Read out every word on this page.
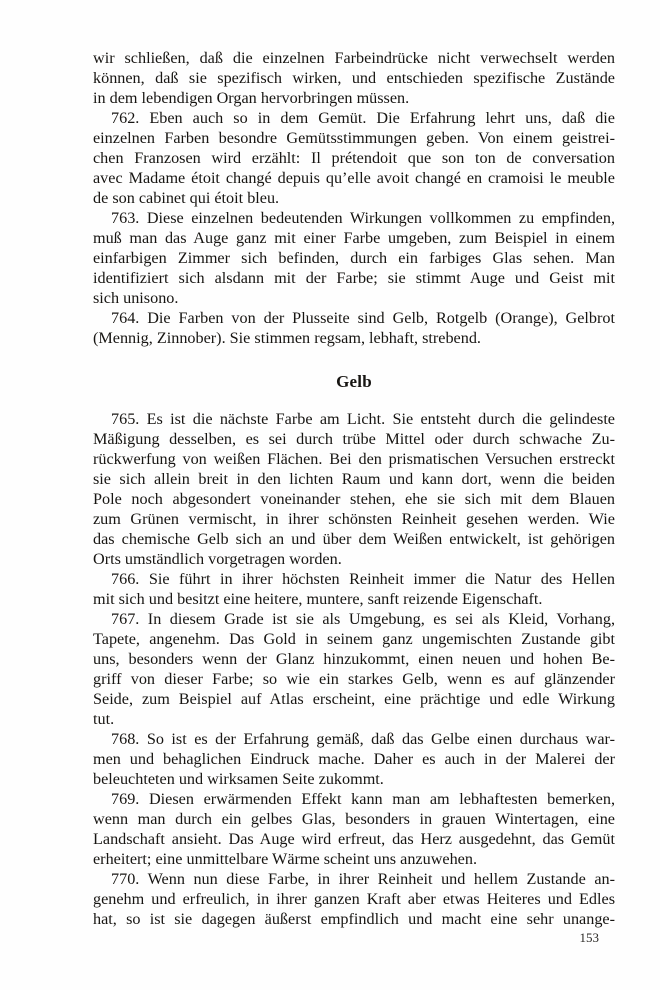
wir schließen, daß die einzelnen Farbeindrücke nicht verwechselt werden
können, daß sie spezifisch wirken, und entschieden spezifische Zustände
in dem lebendigen Organ hervorbringen müssen.
762. Eben auch so in dem Gemüt. Die Erfahrung lehrt uns, daß die
einzelnen Farben besondre Gemütsstimmungen geben. Von einem geistrei-
chen Franzosen wird erzählt: Il prétendoit que son ton de conversation
avec Madame étoit changé depuis qu’elle avoit changé en cramoisi le meuble
de son cabinet qui étoit bleu.
763. Diese einzelnen bedeutenden Wirkungen vollkommen zu empfinden,
muß man das Auge ganz mit einer Farbe umgeben, zum Beispiel in einem
einfarbigen Zimmer sich befinden, durch ein farbiges Glas sehen. Man
identifiziert sich alsdann mit der Farbe; sie stimmt Auge und Geist mit
sich unisono.
764. Die Farben von der Plusseite sind Gelb, Rotgelb (Orange), Gelbrot
(Mennig, Zinnober). Sie stimmen regsam, lebhaft, strebend.
Gelb
765. Es ist die nächste Farbe am Licht. Sie entsteht durch die gelindeste
Mäßigung desselben, es sei durch trübe Mittel oder durch schwache Zu-
rückwerfung von weißen Flächen. Bei den prismatischen Versuchen erstreckt
sie sich allein breit in den lichten Raum und kann dort, wenn die beiden
Pole noch abgesondert voneinander stehen, ehe sie sich mit dem Blauen
zum Grünen vermischt, in ihrer schönsten Reinheit gesehen werden. Wie
das chemische Gelb sich an und über dem Weißen entwickelt, ist gehörigen
Orts umständlich vorgetragen worden.
766. Sie führt in ihrer höchsten Reinheit immer die Natur des Hellen
mit sich und besitzt eine heitere, muntere, sanft reizende Eigenschaft.
767. In diesem Grade ist sie als Umgebung, es sei als Kleid, Vorhang,
Tapete, angenehm. Das Gold in seinem ganz ungemischten Zustande gibt
uns, besonders wenn der Glanz hinzukommt, einen neuen und hohen Be-
griff von dieser Farbe; so wie ein starkes Gelb, wenn es auf glänzender
Seide, zum Beispiel auf Atlas erscheint, eine prächtige und edle Wirkung
tut.
768. So ist es der Erfahrung gemäß, daß das Gelbe einen durchaus war-
men und behaglichen Eindruck mache. Daher es auch in der Malerei der
beleuchteten und wirksamen Seite zukommt.
769. Diesen erwärmenden Effekt kann man am lebhaftesten bemerken,
wenn man durch ein gelbes Glas, besonders in grauen Wintertagen, eine
Landschaft ansieht. Das Auge wird erfreut, das Herz ausgedehnt, das Gemüt
erheitert; eine unmittelbare Wärme scheint uns anzuwehen.
770. Wenn nun diese Farbe, in ihrer Reinheit und hellem Zustande an-
genehm und erfreulich, in ihrer ganzen Kraft aber etwas Heiteres und Edles
hat, so ist sie dagegen äußerst empfindlich und macht eine sehr unange-
153
